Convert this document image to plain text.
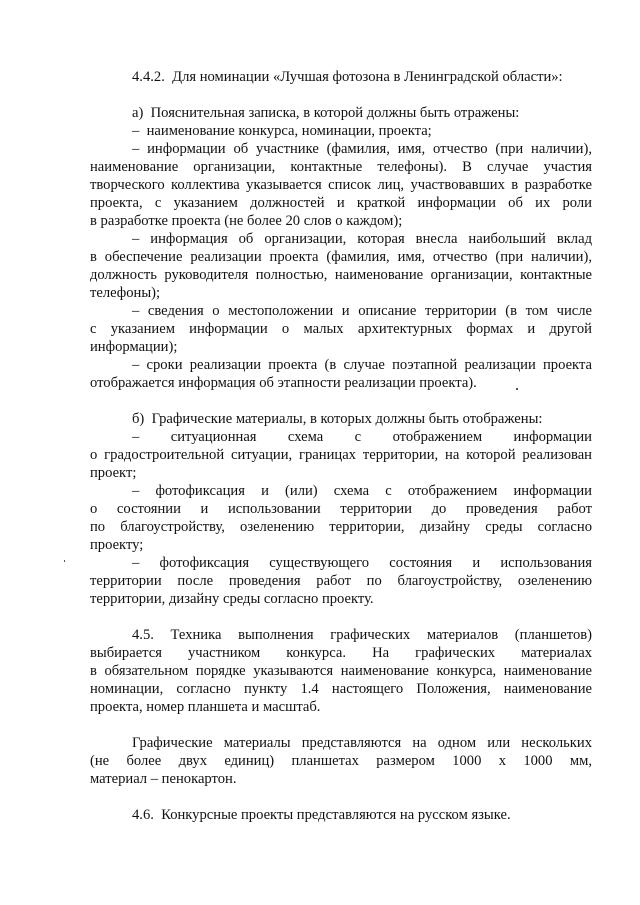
4.4.2.  Для номинации «Лучшая фотозона в Ленинградской области»:
а)  Пояснительная записка, в которой должны быть отражены:
–  наименование конкурса, номинации, проекта;
– информации об участнике (фамилия, имя, отчество (при наличии),
наименование организации, контактные телефоны). В случае участия
творческого коллектива указывается список лиц, участвовавших в разработке
проекта, с указанием должностей и краткой информации об их роли
в разработке проекта (не более 20 слов о каждом);
– информация об организации, которая внесла наибольший вклад
в обеспечение реализации проекта (фамилия, имя, отчество (при наличии),
должность руководителя полностью, наименование организации, контактные
телефоны);
– сведения о местоположении и описание территории (в том числе
с указанием информации о малых архитектурных формах и другой
информации);
– сроки реализации проекта (в случае поэтапной реализации проекта
отображается информация об этапности реализации проекта).
б)  Графические материалы, в которых должны быть отображены:
– ситуационная схема с отображением информации
о градостроительной ситуации, границах территории, на которой реализован
проект;
– фотофиксация и (или) схема с отображением информации
о состоянии и использовании территории до проведения работ
по благоустройству, озеленению территории, дизайну среды согласно
проекту;
– фотофиксация существующего состояния и использования
территории после проведения работ по благоустройству, озеленению
территории, дизайну среды согласно проекту.
4.5. Техника выполнения графических материалов (планшетов)
выбирается участником конкурса. На графических материалах
в обязательном порядке указываются наименование конкурса, наименование
номинации, согласно пункту 1.4 настоящего Положения, наименование
проекта, номер планшета и масштаб.
Графические материалы представляются на одном или нескольких
(не более двух единиц) планшетах размером 1000 х 1000 мм,
материал – пенокартон.
4.6.  Конкурсные проекты представляются на русском языке.
